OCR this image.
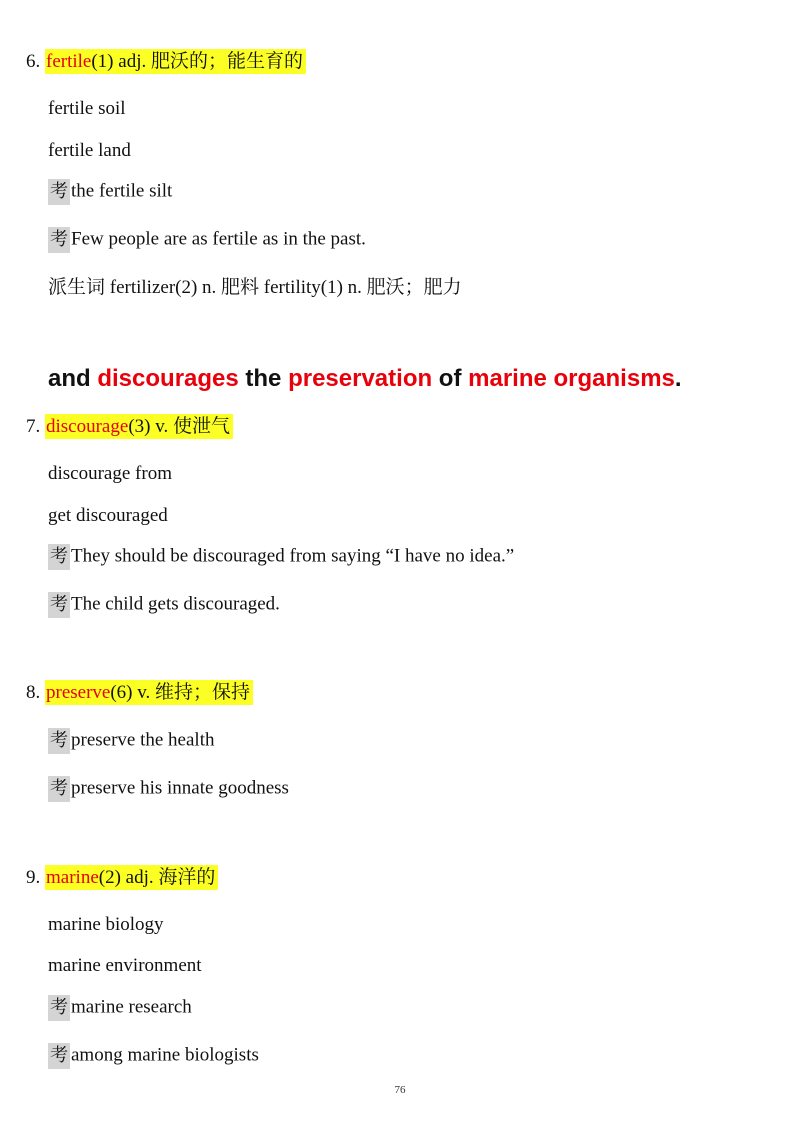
6. fertile(1) adj. 肥沃的；能生育的
fertile soil
fertile land
考 the fertile silt
考 Few people are as fertile as in the past.
派生词 fertilizer(2) n. 肥料 fertility(1) n. 肥沃；肥力
and discourages the preservation of marine organisms.
7. discourage(3) v. 使泄气
discourage from
get discouraged
考 They should be discouraged from saying “I have no idea.”
考 The child gets discouraged.
8. preserve(6) v. 维持；保持
考 preserve the health
考 preserve his innate goodness
9. marine(2) adj. 海洋的
marine biology
marine environment
考 marine research
考 among marine biologists
76
